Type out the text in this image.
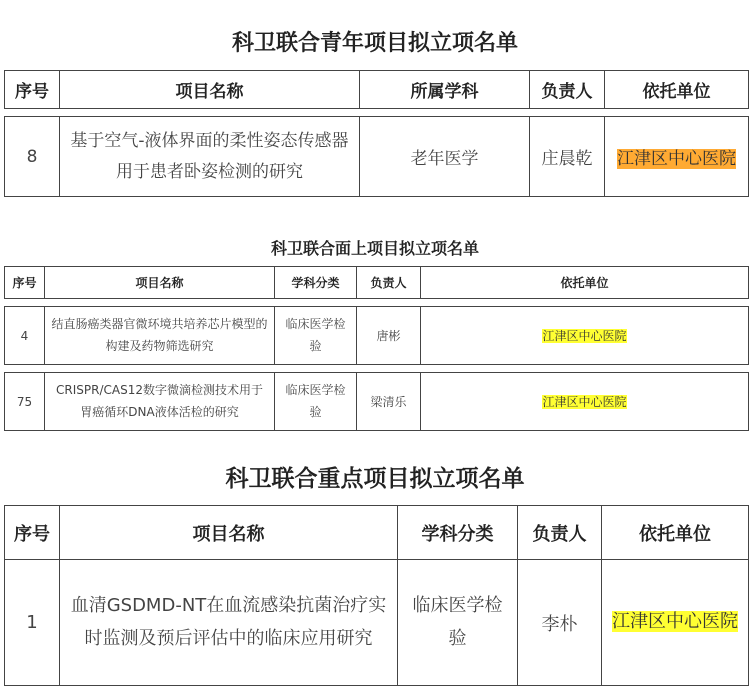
科卫联合青年项目拟立项名单
序号	项目名称	所属学科	负责人	依托单位

8	基于空气-液体界面的柔性姿态传感器用于患者卧姿检测的研究	老年医学	庄晨乾	江津区中心医院
科卫联合面上项目拟立项名单
序号	项目名称	学科分类	负责人	依托单位

4	结直肠癌类器官微环境共培养芯片模型的构建及药物筛选研究	临床医学检验	唐彬	江津区中心医院

75	CRISPR/CAS12数字微滴检测技术用于胃癌循环DNA液体活检的研究	临床医学检验	梁清乐	江津区中心医院
科卫联合重点项目拟立项名单
序号	项目名称	学科分类	负责人	依托单位
1	血清GSDMD-NT在血流感染抗菌治疗实时监测及预后评估中的临床应用研究	临床医学检验	李朴	江津区中心医院
